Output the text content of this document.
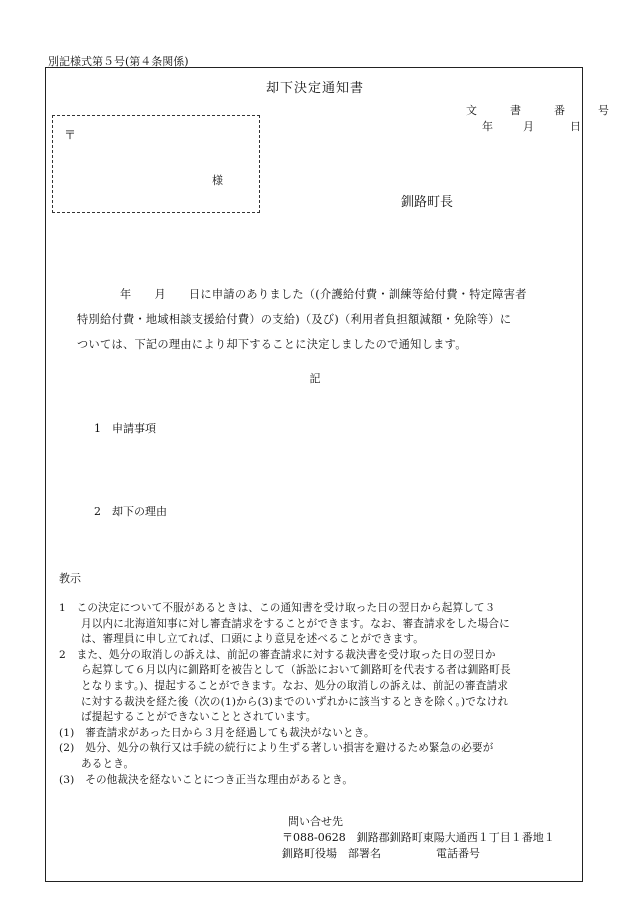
別記様式第５号(第４条関係)
却下決定通知書
文　書　番　号
年	月	日
〒
様
釧路町長
年　　月　　日に申請のありました（(介護給付費・訓練等給付費・特定障害者
特別給付費・地域相談支援給付費）の支給)（及び)（利用者負担額減額・免除等）に
ついては、下記の理由により却下することに決定しましたので通知します。
記
1　申請事項
2　却下の理由
教示
1　この決定について不服があるときは、この通知書を受け取った日の翌日から起算して３
月以内に北海道知事に対し審査請求をすることができます。なお、審査請求をした場合に
は、審理員に申し立てれば、口頭により意見を述べることができます。
2　また、処分の取消しの訴えは、前記の審査請求に対する裁決書を受け取った日の翌日か
ら起算して６月以内に釧路町を被告として（訴訟において釧路町を代表する者は釧路町長
となります。)、提起することができます。なお、処分の取消しの訴えは、前記の審査請求
に対する裁決を経た後（次の(1)から(3)までのいずれかに該当するときを除く。)でなけれ
ば提起することができないこととされています。
(1)　審査請求があった日から３月を経過しても裁決がないとき。
(2)　処分、処分の執行又は手続の続行により生ずる著しい損害を避けるため緊急の必要が
あるとき。
(3)　その他裁決を経ないことにつき正当な理由があるとき。
問い合せ先
〒088-0628　釧路郡釧路町東陽大通西１丁目１番地１
釧路町役場　部署名　　　　　電話番号
